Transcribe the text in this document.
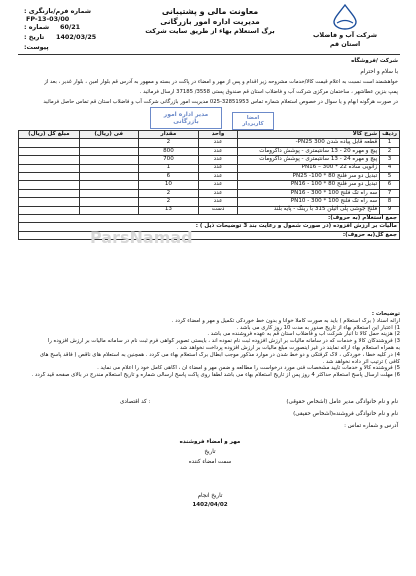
شماره فرم/بازنگری :
FP-13-03/00
شماره : 60/21
تاریخ : 1402/03/25
پیوست:
معاونت مالی و پشتیبانی
مدیریت اداره امور بازرگانی
برگ استعلام بهاء از طریق سایت شرکت	شرکت آب و فاضلاب
استان قم
شرکت /فروشگاه
با سلام و احترام
خواهشمند است نسبت به اعلام قیمت کالا/خدمات مشروحه زیر اقدام و پس از مهر و امضاء در پاکت در بسته و ممهور به آدرس قم بلوار امین ، بلوار غدیر ، بعد از
پمپ بنزین عطاشهر ، ساختمان مرکزی شرکت آب و فاضلاب استان قم صندوق پستی 3558/ 37185 ارسال فرمائید .
در صورت هرگونه ابهام و یا سوال در خصوص استعلام شماره تماس 32851953-025 مدیریت امور بازرگانی شرکت آب و فاضلاب استان قم تماس حاصل فرمائید
مدیر اداره امور
بازرگانی	امضا
کاربردار
ردیف	شرح کالا	واحد	مقدار	فی (ریال)	مبلغ کل (ریال)
1	قطعه قابل پیاده شدن PN25 300-	عدد	2		
2	پیچ و مهره 20 - 13 سانتیمتری - پوشش داکرومات	عدد	800		
3	پیچ و مهره 24 - 13 سانتیمتری - پوشش داکرومات	عدد	700		
4	زانویی ساده 22 * 300 – PN16	عدد	1		
5	تبدیل دو سر فلنج 80 * 100- PN25	عدد	6		
6	تبدیل دو سر فلنج 80 * 100 - PN16	عدد	10		
7	سه راه تک فلنج 100 * 300 - PN16	عدد	2		
8	سه راه تک فلنج 100 * 300 - PN10	عدد	2		
9	فلنج جوشی پلی اتیلن 315 با رینگ - پایه بلند	دست	13		
جمع استعلام (به حروف):					
مالیات بر ارزش افزوده (در صورت شمول و رعایت بند 3 توضیحات ذیل ) :					
جمع کل(به حروف):					
ParsNamad
توضیحات :
ارائه اسناد ( برگ استعلام ) باید به صورت کاملا خوانا و بدون خط خوردگی تکمیل و مهر و امضاء گردد .
1) اعتبار این استعلام بهاء از تاریخ صدور به مدت 10 روز کاری می باشد .
2) هزینه حمل کالا تا انبار شرکت آب و فاضلاب استان قم به عهده فروشنده می باشد .
3) فروشندگان کالا و خدمات که در سامانه مالیات بر ارزش افزوده ثبت نام نموده اند ، بایستی تصویر گواهی فرم ثبت نام در سامانه مالیات بر ارزش افزوده را
به همراه استعلام بهاء ارائه نمایند در غیر اینصورت مبلغ مالیات بر ارزش افزوده پرداخت نخواهد شد .
4) در کلیه خطا ، خوردگی ، لاک گرفتگی و دو خط شدن در موارد مذکور موجب ابطال برگ استعلام بهاء می گردد . همچنین به استعلام های ناقص ( فاقد پاسخ های
کافی ) ترتیب اثر داده نخواهد شد .
5) فروشنده کالا و خدمات تایید مشخصات فنی مورد درخواست را مطالعه و ضمن مهر و امضاء آن ، آگاهی کامل خود را اعلام می نماید .
6) مهلت ارسال پاسخ استعلام حداکثر 4 روز پس از تاریخ استعلام بهاء می باشد لطفا روی پاکت پاسخ ارسالی شماره و تاریخ استعلام مندرج در بالای صفحه قید گردد .
نام و نام خانوادگی مدیر عامل (اشخاص حقوقی)
: کد اقتصادی
نام و نام خانوادگی فروشنده(اشخاص حقیقی)
آدرس و شماره تماس :
مهر و امضاء فروشنده
تاریخ
سمت امضاء کننده
تاریخ انجام
1402/04/02
